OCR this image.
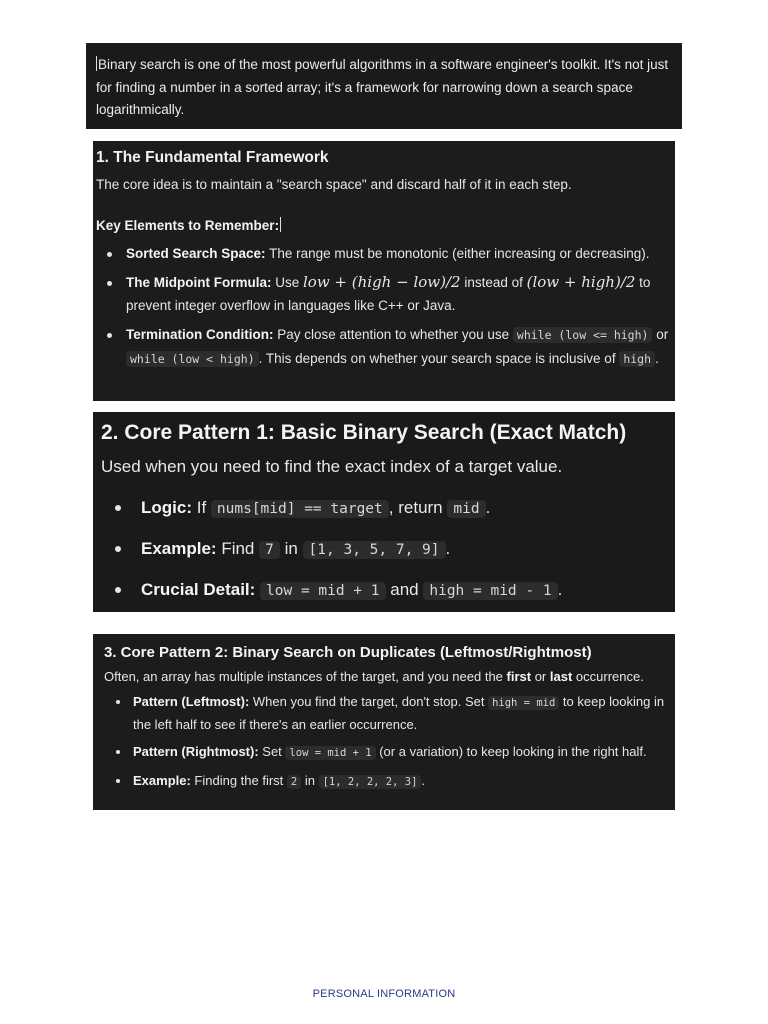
Binary search is one of the most powerful algorithms in a software engineer's toolkit. It's not just for finding a number in a sorted array; it's a framework for narrowing down a search space logarithmically.
1. The Fundamental Framework

The core idea is to maintain a "search space" and discard half of it in each step.

Key Elements to Remember:
Sorted Search Space: The range must be monotonic (either increasing or decreasing).
The Midpoint Formula: Use low + (high − low)/2 instead of (low + high)/2 to prevent integer overflow in languages like C++ or Java.
Termination Condition: Pay close attention to whether you use while (low <= high) or while (low < high) . This depends on whether your search space is inclusive of high .
2. Core Pattern 1: Basic Binary Search (Exact Match)

Used when you need to find the exact index of a target value.

Logic: If nums[mid] == target , return mid .
Example: Find 7 in [1, 3, 5, 7, 9] .
Crucial Detail: low = mid + 1 and high = mid - 1 .
3. Core Pattern 2: Binary Search on Duplicates (Leftmost/Rightmost)

Often, an array has multiple instances of the target, and you need the first or last occurrence.

Pattern (Leftmost): When you find the target, don't stop. Set high = mid to keep looking in the left half to see if there's an earlier occurrence.
Pattern (Rightmost): Set low = mid + 1 (or a variation) to keep looking in the right half.
Example: Finding the first 2 in [1, 2, 2, 2, 3] .
PERSONAL INFORMATION
